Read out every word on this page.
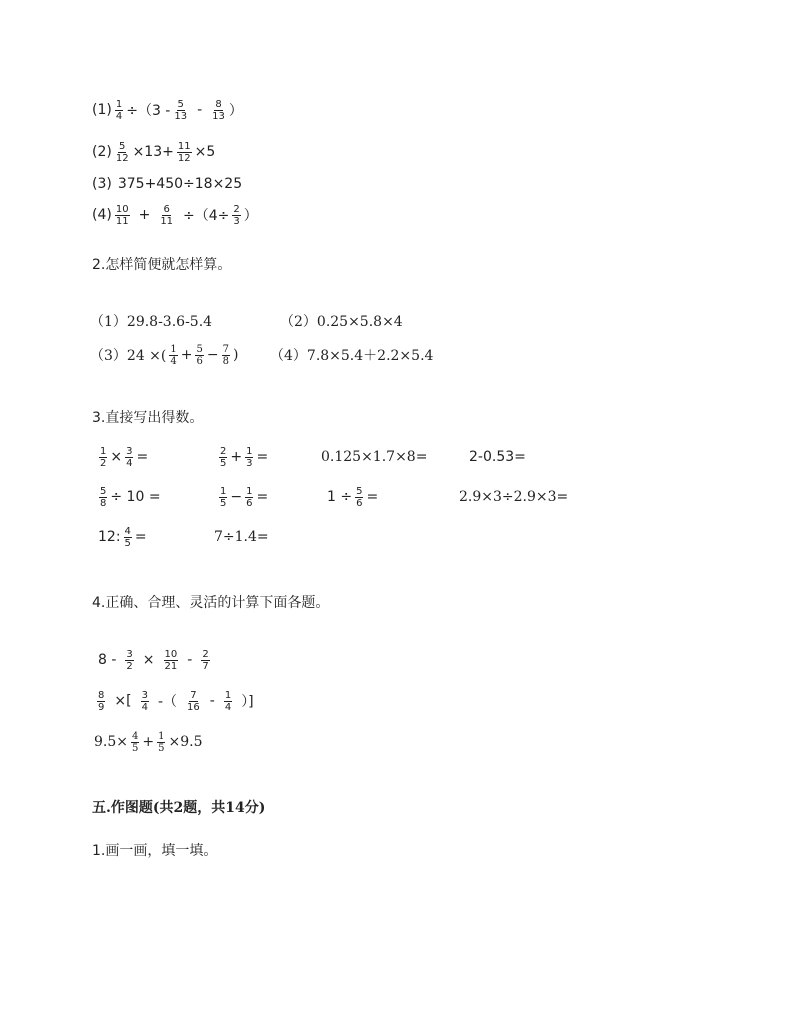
$(1) \frac{1}{4} \div(3 - \frac{5}{13} - \frac{8}{13}$ ）
$(2) \frac{5}{12} \times 13+ \frac{11}{12} \times 5$
(3) 375+450÷18×25
$(4) \frac{10}{11} + \frac{6}{11} \div(4\div \frac{2}{3}$ ）
2.怎样简便就怎样算。
（1）29.8-3.6-5.4	（2）0.25×5.8×4
（3）24 ×( $\frac{1}{4} + \frac{5}{6} - \frac{7}{8}$ ) （4）7.8×5.4＋2.2×5.4
3.直接写出得数。
$\frac{1}{2} \times \frac{3}{4}$ =	$\frac{2}{5} + \frac{1}{3}$ =	0.125×1.7×8=	2-0.53=
$\frac{5}{8} \div 10$ =	$\frac{1}{5} - \frac{1}{6}$ =	$1 \div \frac{5}{6}$ =	2.9×3÷2.9×3=
12: $\frac{4}{5}$ =	7÷1.4=
4.正确、合理、灵活的计算下面各题。
$8 - \frac{3}{2} \times \frac{10}{21} - \frac{2}{7}$
$\frac{8}{9}$ ×[ $\frac{3}{4}$ -（ $\frac{7}{16} - \frac{1}{4}$ ）]
$9.5\times \frac{4}{5} + \frac{1}{5} \times 9.5$
五.作图题(共2题，共14分)
1.画一画，填一填。
